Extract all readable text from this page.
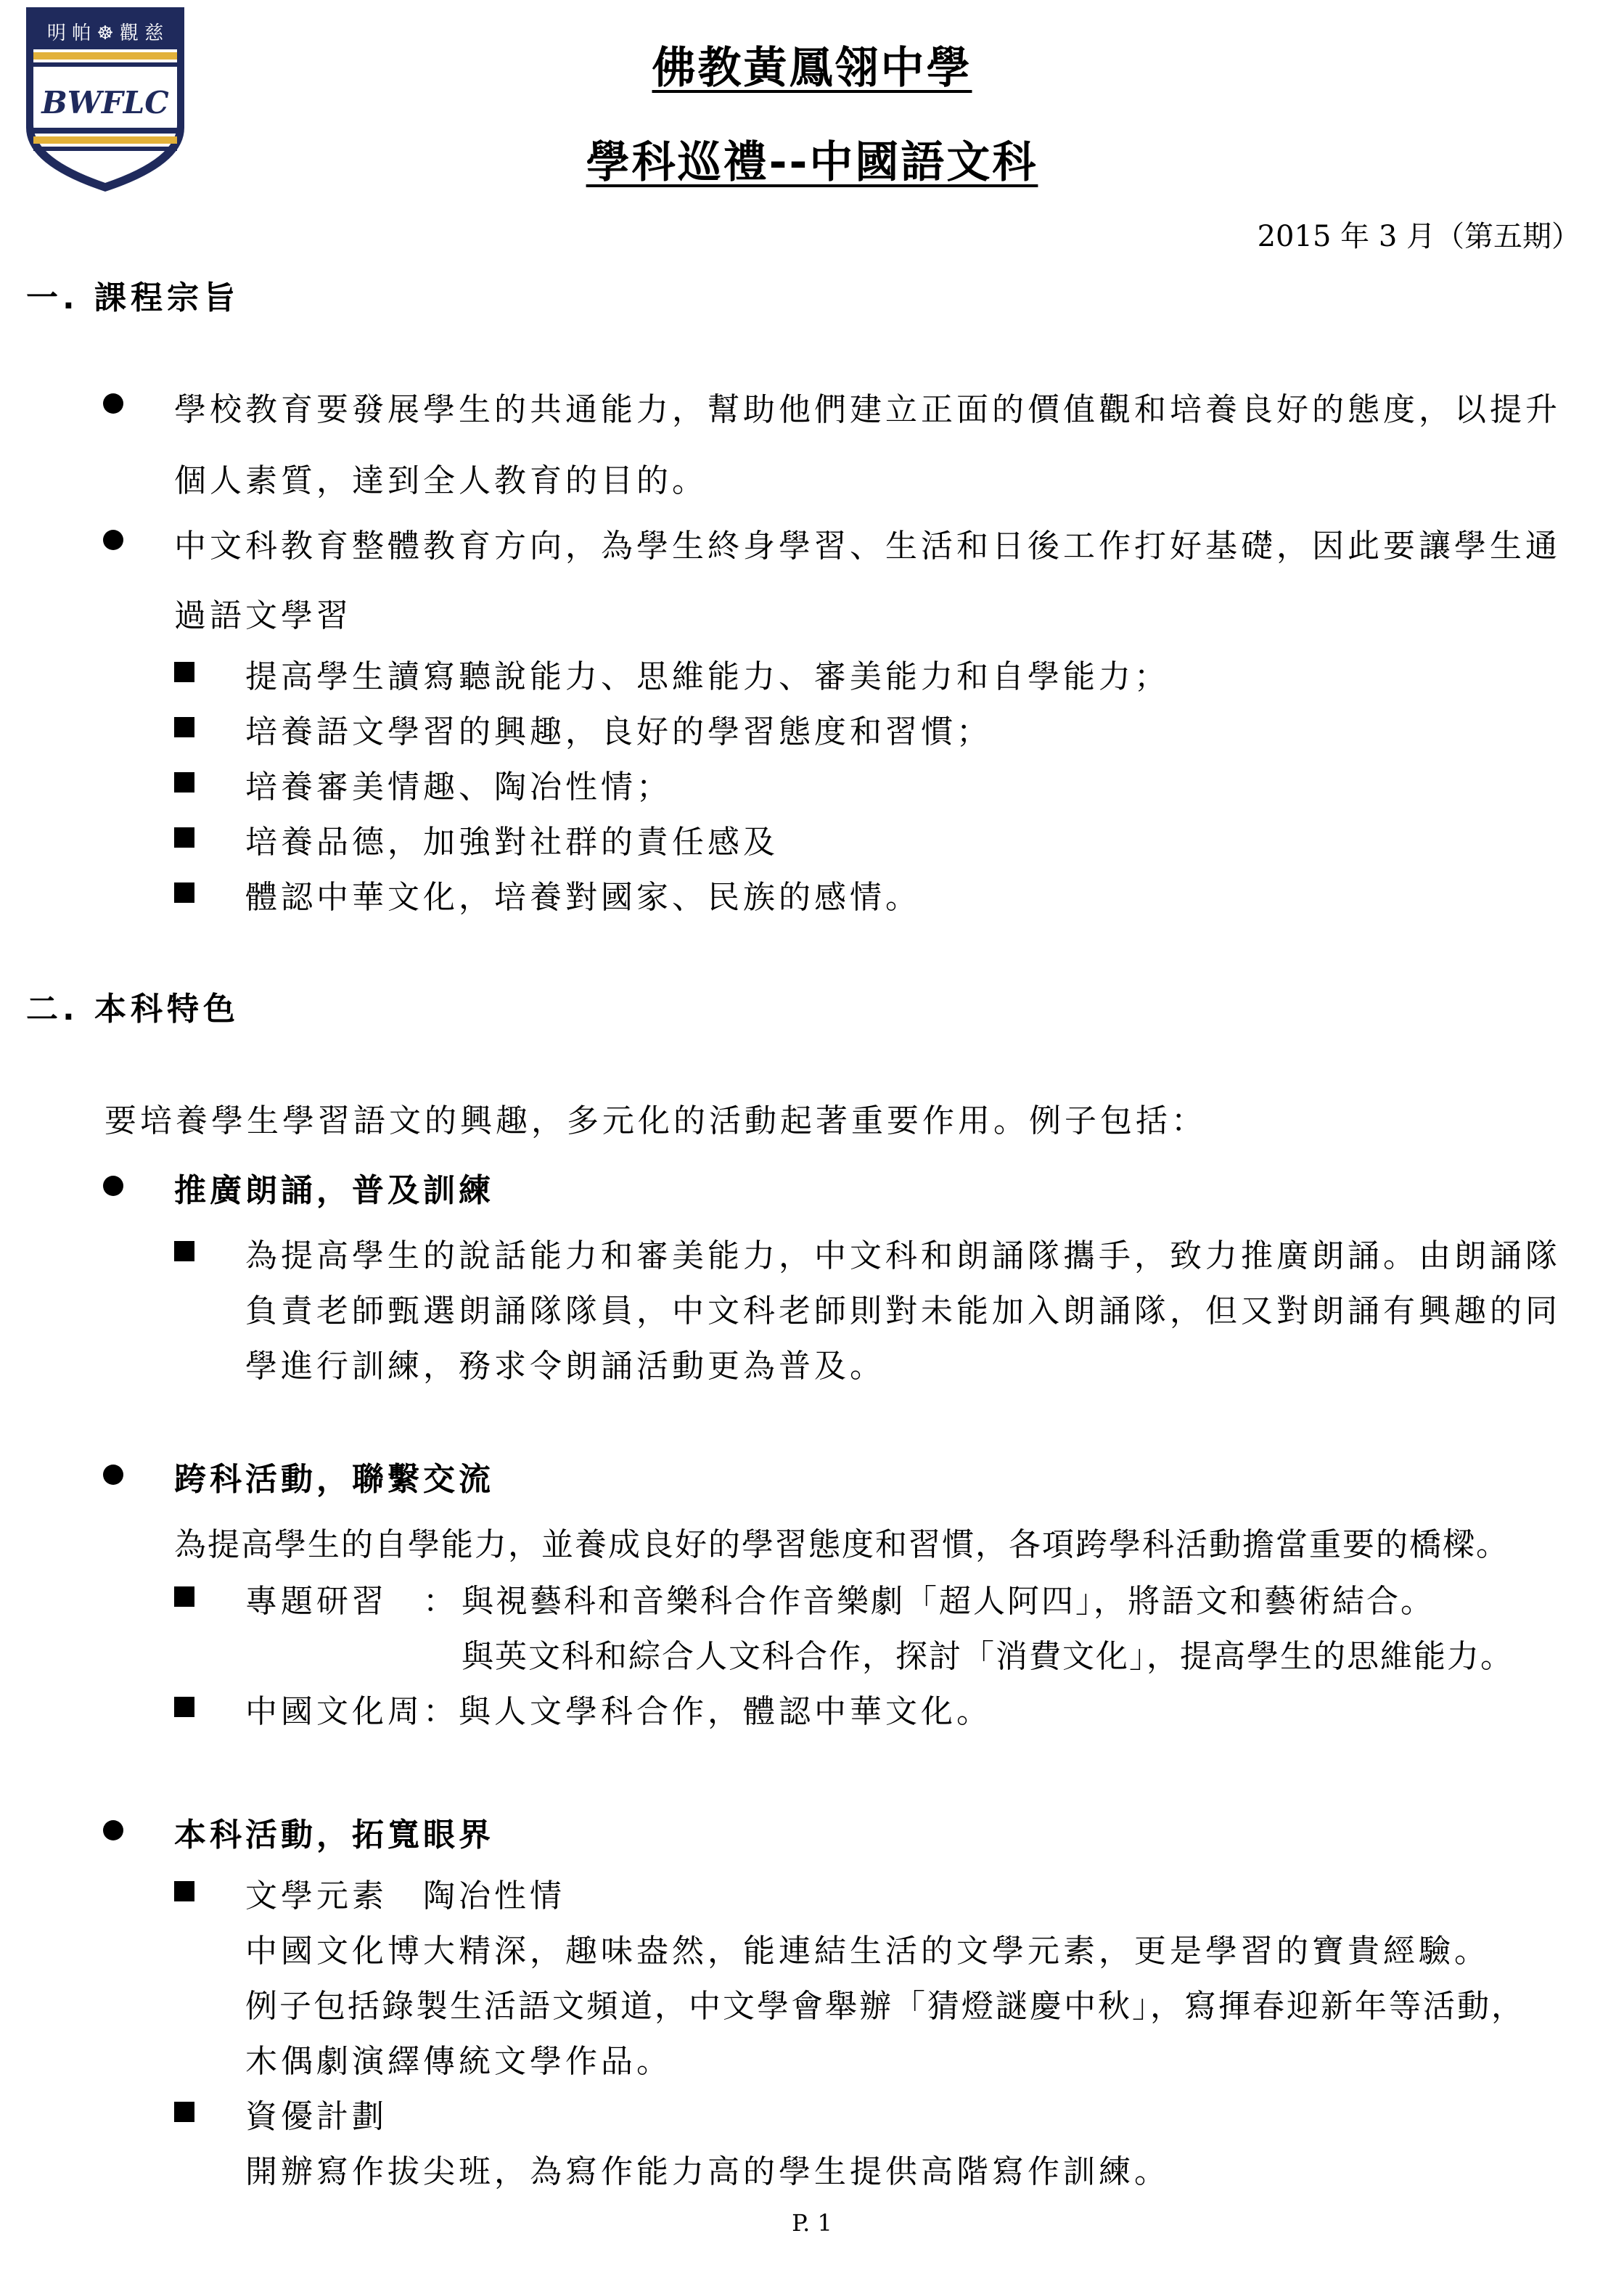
明 帕 ☸ 觀 慈
BWFLC
佛教黃鳳翎中學
學科巡禮--中國語文科
2015 年 3 月（第五期）
一. 課程宗旨
學校教育要發展學生的共通能力，幫助他們建立正面的價值觀和培養良好的態度，以提升
個人素質，達到全人教育的目的。
中文科教育整體教育方向，為學生終身學習、生活和日後工作打好基礎，因此要讓學生通
過語文學習
提高學生讀寫聽說能力、思維能力、審美能力和自學能力；
培養語文學習的興趣，良好的學習態度和習慣；
培養審美情趣、陶冶性情；
培養品德，加強對社群的責任感及
體認中華文化，培養對國家、民族的感情。
二. 本科特色
要培養學生學習語文的興趣，多元化的活動起著重要作用。例子包括：
推廣朗誦，普及訓練
為提高學生的說話能力和審美能力，中文科和朗誦隊攜手，致力推廣朗誦。由朗誦隊
負責老師甄選朗誦隊隊員，中文科老師則對未能加入朗誦隊，但又對朗誦有興趣的同
學進行訓練，務求令朗誦活動更為普及。
跨科活動，聯繫交流
為提高學生的自學能力，並養成良好的學習態度和習慣，各項跨學科活動擔當重要的橋樑。
專題研習　： 與視藝科和音樂科合作音樂劇「超人阿四」，將語文和藝術結合。
與英文科和綜合人文科合作，探討「消費文化」，提高學生的思維能力。
中國文化周：與人文學科合作，體認中華文化。
本科活動，拓寬眼界
文學元素　陶冶性情
中國文化博大精深，趣味盎然，能連結生活的文學元素，更是學習的寶貴經驗。
例子包括錄製生活語文頻道，中文學會舉辦「猜燈謎慶中秋」，寫揮春迎新年等活動，
木偶劇演繹傳統文學作品。
資優計劃
開辦寫作拔尖班，為寫作能力高的學生提供高階寫作訓練。
P. 1
